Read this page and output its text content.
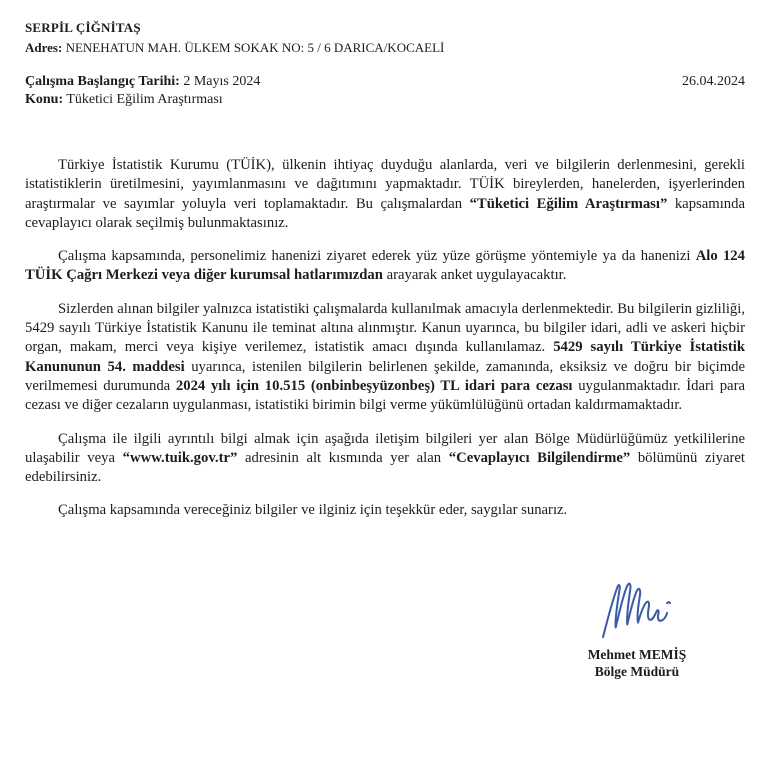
SERPİL ÇİĞNİTAŞ
Adres: NENEHATUN MAH. ÜLKEM SOKAK NO: 5 / 6 DARICA/KOCAELİ
Çalışma Başlangıç Tarihi: 2 Mayıs 2024
Konu: Tüketici Eğilim Araştırması
26.04.2024

Türkiye İstatistik Kurumu (TÜİK), ülkenin ihtiyaç duyduğu alanlarda, veri ve bilgilerin derlenmesini, gerekli istatistiklerin üretilmesini, yayımlanmasını ve dağıtımını yapmaktadır. TÜİK bireylerden, hanelerden, işyerlerinden araştırmalar ve sayımlar yoluyla veri toplamaktadır. Bu çalışmalardan “Tüketici Eğilim Araştırması” kapsamında cevaplayıcı olarak seçilmiş bulunmaktasınız.

Çalışma kapsamında, personelimiz hanenizi ziyaret ederek yüz yüze görüşme yöntemiyle ya da hanenizi Alo 124 TÜİK Çağrı Merkezi veya diğer kurumsal hatlarımızdan arayarak anket uygulayacaktır.

Sizlerden alınan bilgiler yalnızca istatistiki çalışmalarda kullanılmak amacıyla derlenmektedir. Bu bilgilerin gizliliği, 5429 sayılı Türkiye İstatistik Kanunu ile teminat altına alınmıştır. Kanun uyarınca, bu bilgiler idari, adli ve askeri hiçbir organ, makam, merci veya kişiye verilemez, istatistik amacı dışında kullanılamaz. 5429 sayılı Türkiye İstatistik Kanununun 54. maddesi uyarınca, istenilen bilgilerin belirlenen şekilde, zamanında, eksiksiz ve doğru bir biçimde verilmemesi durumunda 2024 yılı için 10.515 (onbinbeşyüzonbeş) TL idari para cezası uygulanmaktadır. İdari para cezası ve diğer cezaların uygulanması, istatistiki birimin bilgi verme yükümlülüğünü ortadan kaldırmamaktadır.

Çalışma ile ilgili ayrıntılı bilgi almak için aşağıda iletişim bilgileri yer alan Bölge Müdürlüğümüz yetkililerine ulaşabilir veya “www.tuik.gov.tr” adresinin alt kısmında yer alan “Cevaplayıcı Bilgilendirme” bölümünü ziyaret edebilirsiniz.

Çalışma kapsamında vereceğiniz bilgiler ve ilginiz için teşekkür eder, saygılar sunarız.

Mehmet MEMİŞ
Bölge Müdürü
